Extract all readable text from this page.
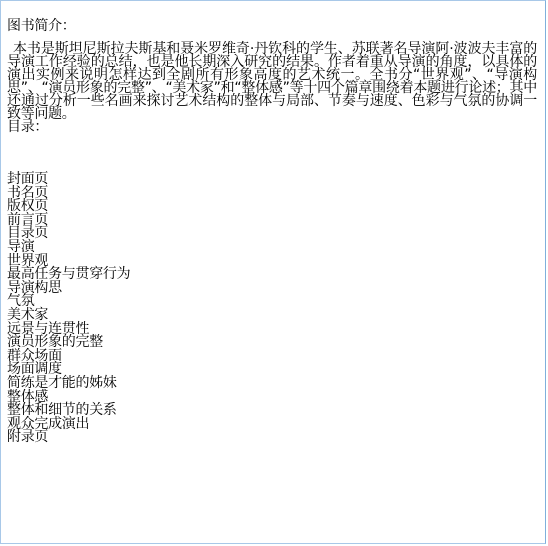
图书简介：

本书是斯坦尼斯拉夫斯基和聂米罗维奇·丹钦科的学生、苏联著名导演阿·波波夫丰富的导演工作经验的总结，也是他长期深入研究的结果。作者着重从导演的角度，以具体的演出实例来说明怎样达到全剧所有形象高度的艺术统一。全书分“世界观”、“导演构思”、“演员形象的完整”、“美术家”和“整体感”等十四个篇章围绕着本题进行论述；其中还通过分析一些名画来探讨艺术结构的整体与局部、节奏与速度、色彩与气氛的协调一致等问题。

目录：

封面页
书名页
版权页
前言页
目录页
导演
世界观
最高任务与贯穿行为
导演构思
气氛
美术家
远景与连贯性
演员形象的完整
群众场面
场面调度
简练是才能的姊妹
整体感
整体和细节的关系
观众完成演出
附录页
